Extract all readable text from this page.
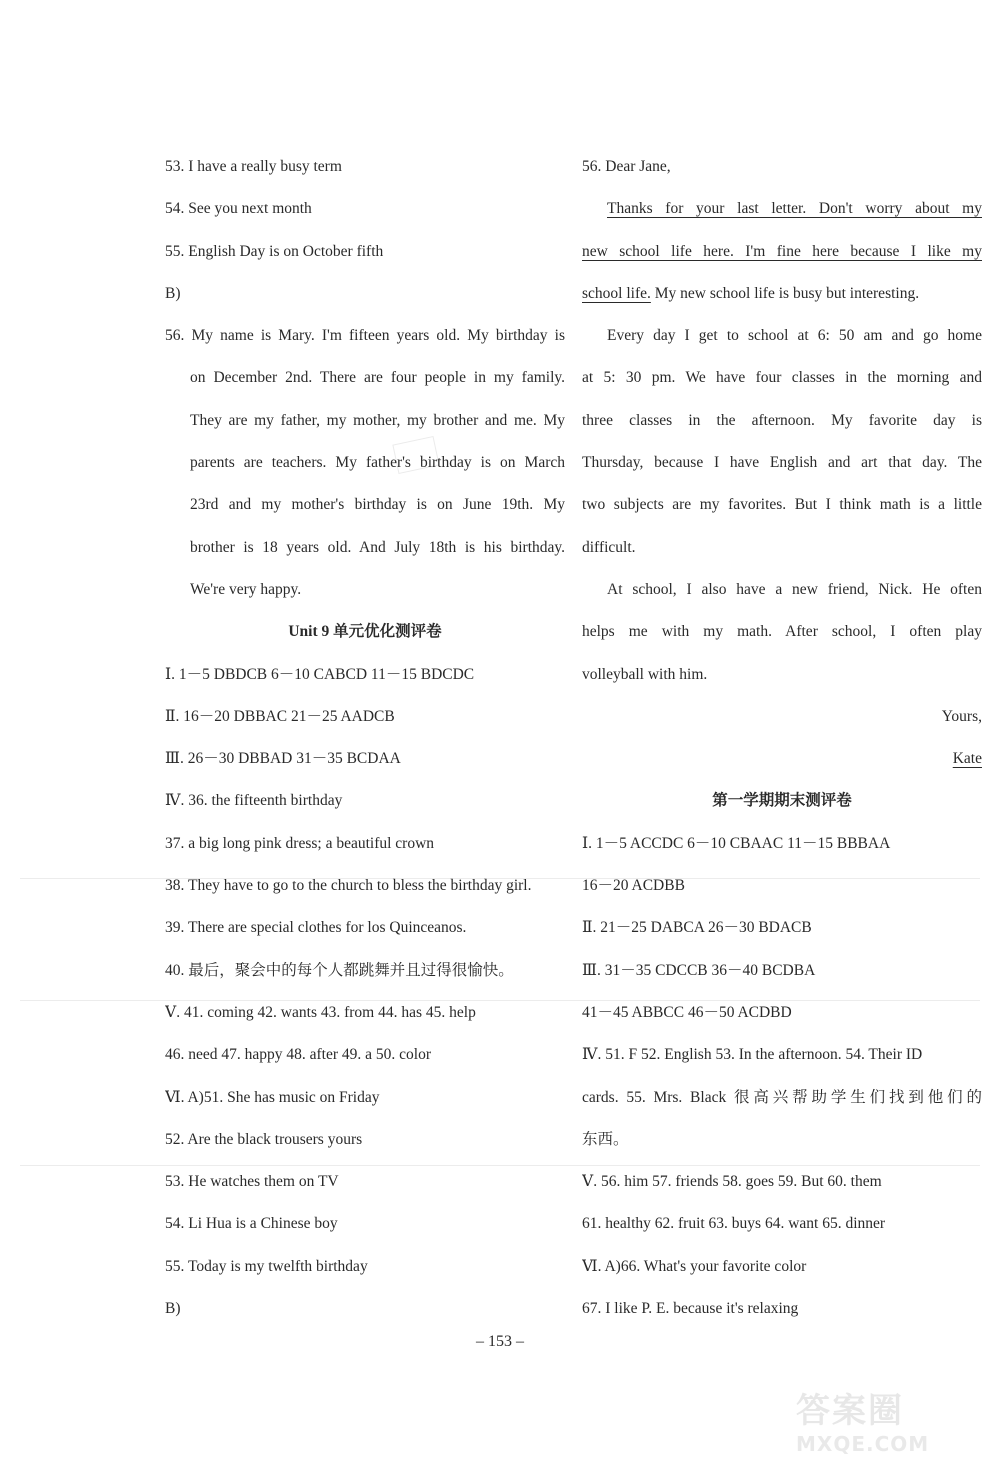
53. I have a really busy term
54. See you next month
55. English Day is on October fifth
B)
56. My name is Mary. I'm fifteen years old. My birthday is
on December 2nd. There are four people in my family.
They are my father, my mother, my brother and me. My
parents are teachers. My father's birthday is on March
23rd and my mother's birthday is on June 19th. My
brother is 18 years old. And July 18th is his birthday.
We're very happy.
Unit 9 单元优化测评卷
Ⅰ. 1－5 DBDCB 6－10 CABCD 11－15 BDCDC
Ⅱ. 16－20 DBBAC 21－25 AADCB
Ⅲ. 26－30 DBBAD 31－35 BCDAA
Ⅳ. 36. the fifteenth birthday
37. a big long pink dress; a beautiful crown
38. They have to go to the church to bless the birthday girl.
39. There are special clothes for los Quinceanos.
40. 最后，聚会中的每个人都跳舞并且过得很愉快。
Ⅴ. 41. coming 42. wants 43. from 44. has 45. help
46. need 47. happy 48. after 49. a 50. color
Ⅵ. A)51. She has music on Friday
52. Are the black trousers yours
53. He watches them on TV
54. Li Hua is a Chinese boy
55. Today is my twelfth birthday
B)
56. Dear Jane,
Thanks for your last letter. Don't worry about my
new school life here. I'm fine here because I like my
school life. My new school life is busy but interesting.
Every day I get to school at 6: 50 am and go home
at 5: 30 pm. We have four classes in the morning and
three classes in the afternoon. My favorite day is
Thursday, because I have English and art that day. The
two subjects are my favorites. But I think math is a little
difficult.
At school, I also have a new friend, Nick. He often
helps me with my math. After school, I often play
volleyball with him.
Yours,
Kate
第一学期期末测评卷
Ⅰ. 1－5 ACCDC 6－10 CBAAC 11－15 BBBAA
16－20 ACDBB
Ⅱ. 21－25 DABCA 26－30 BDACB
Ⅲ. 31－35 CDCCB 36－40 BCDBA
41－45 ABBCC 46－50 ACDBD
Ⅳ. 51. F 52. English 53. In the afternoon. 54. Their ID
cards. 55. Mrs. Black 很高兴帮助学生们找到他们的
东西。
Ⅴ. 56. him 57. friends 58. goes 59. But 60. them
61. healthy 62. fruit 63. buys 64. want 65. dinner
Ⅵ. A)66. What's your favorite color
67. I like P. E. because it's relaxing
– 153 –
答案圈
MXQE.COM
